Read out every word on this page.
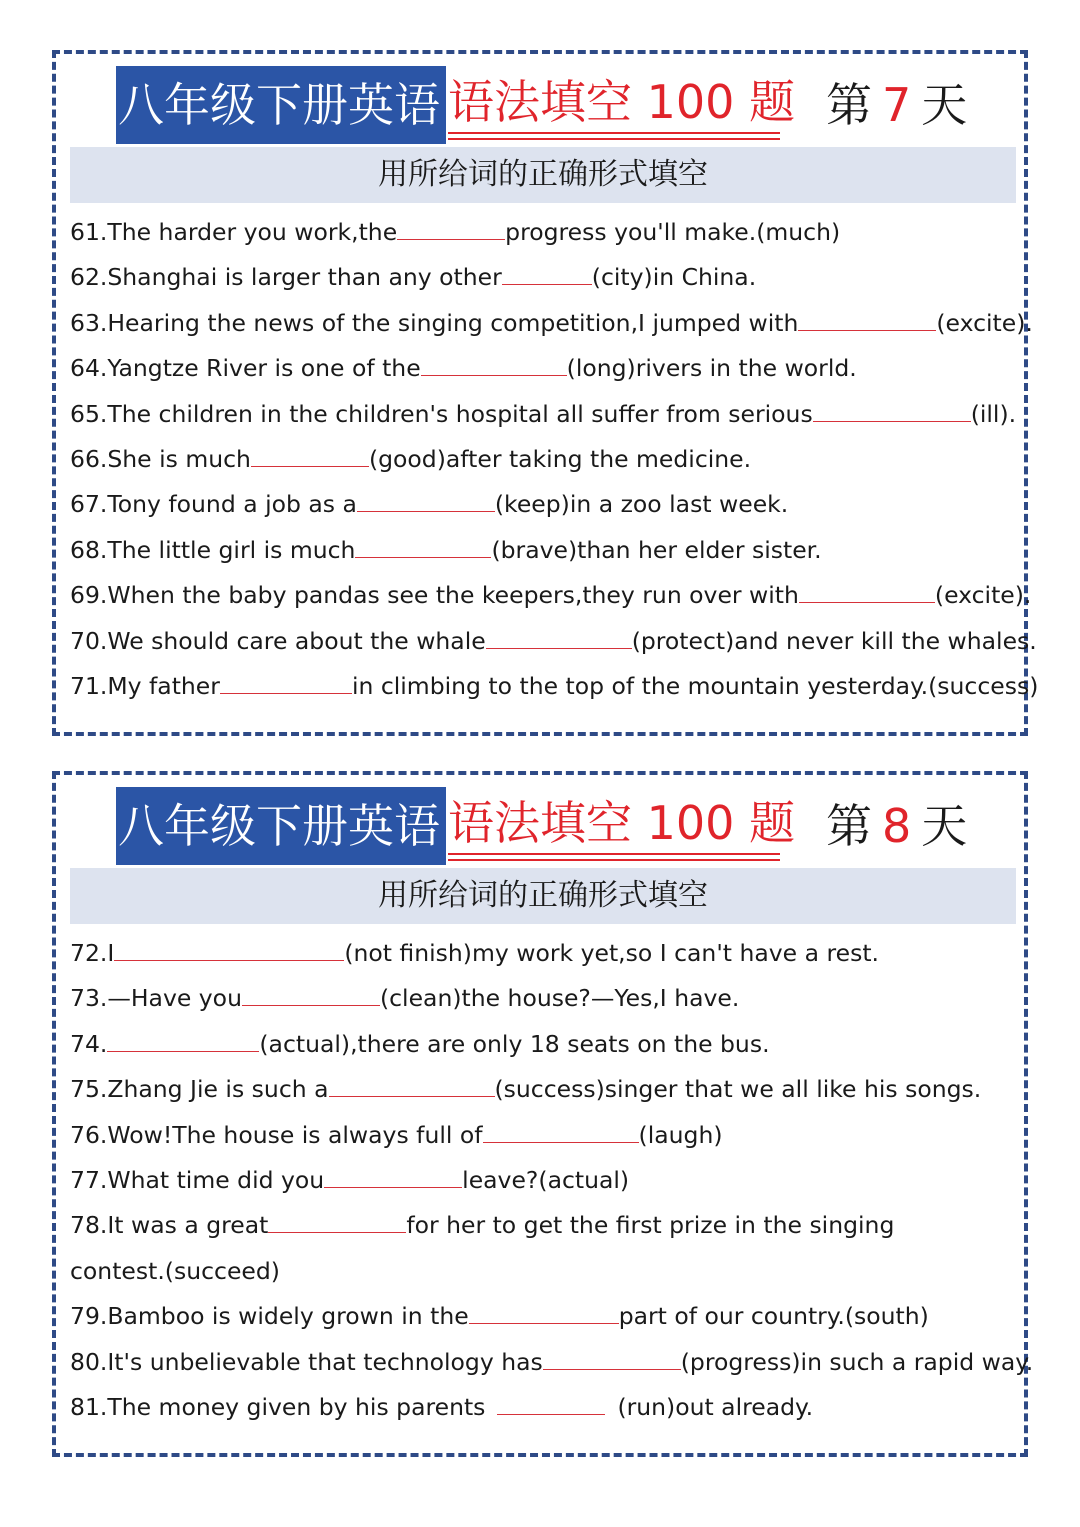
八年级下册英语 语法填空 100 题 第 7 天
用所给词的正确形式填空
61.The harder you work,the	progress you'll make.(much)
62.Shanghai is larger than any other	(city)in China.
63.Hearing the news of the singing competition,I jumped with	(excite).
64.Yangtze River is one of the	(long)rivers in the world.
65.The children in the children's hospital all suffer from serious	(ill).
66.She is much	(good)after taking the medicine.
67.Tony found a job as a	(keep)in a zoo last week.
68.The little girl is much	(brave)than her elder sister.
69.When the baby pandas see the keepers,they run over with	(excite).
70.We should care about the whale	(protect)and never kill the whales.
71.My father	in climbing to the top of the mountain yesterday.(success)
八年级下册英语 语法填空 100 题 第 8 天
用所给词的正确形式填空
72.I	(not finish)my work yet,so I can't have a rest.
73.—Have you	(clean)the house?—Yes,I have.
74.	(actual),there are only 18 seats on the bus.
75.Zhang Jie is such a	(success)singer that we all like his songs.
76.Wow!The house is always full of	(laugh)
77.What time did you	leave?(actual)
78.It was a great	for her to get the first prize in the singing
contest.(succeed)
79.Bamboo is widely grown in the	part of our country.(south)
80.It's unbelievable that technology has	(progress)in such a rapid way.
81.The money given by his parents	(run)out already.
